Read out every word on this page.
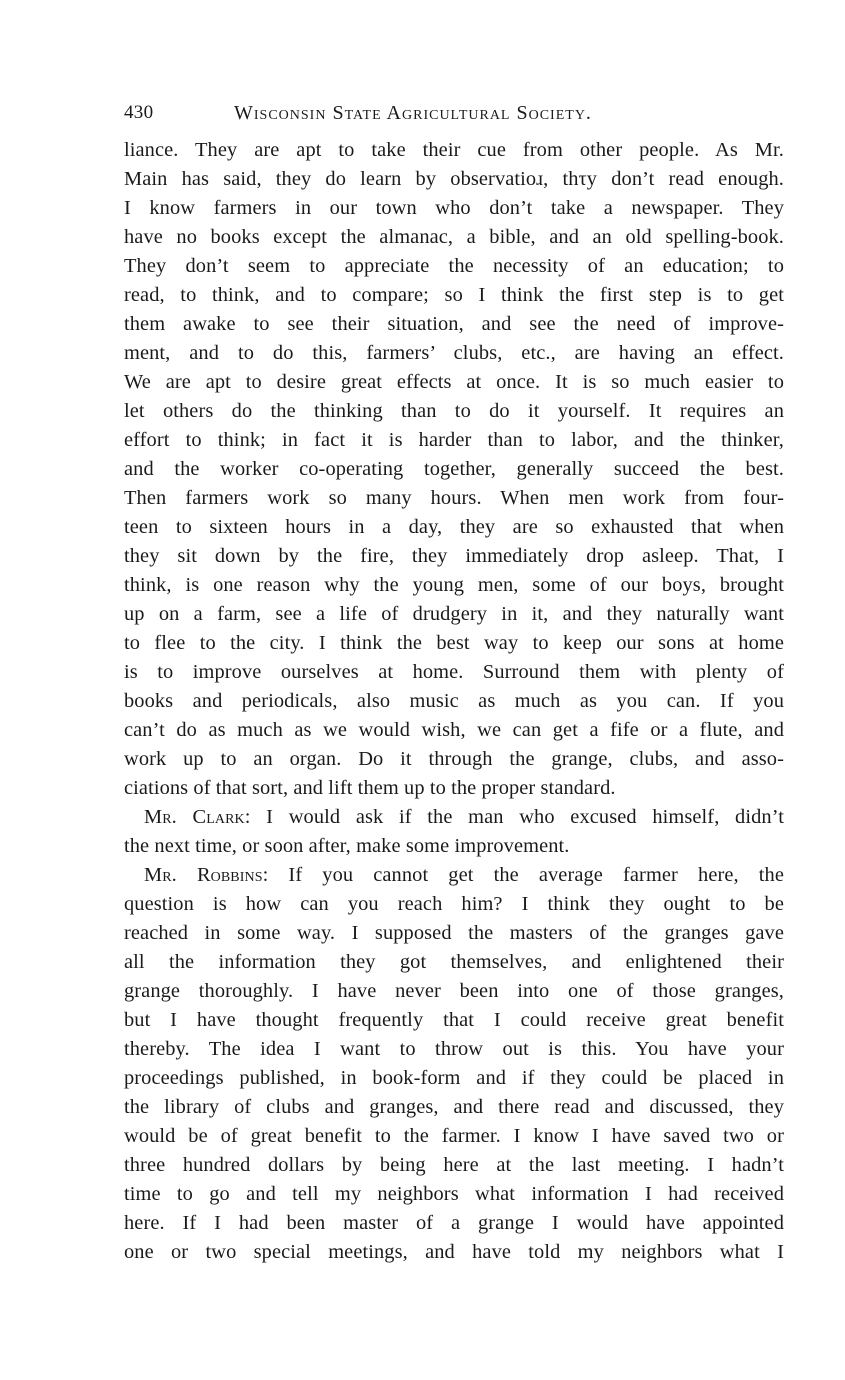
430	Wisconsin State Agricultural Society.
liance. They are apt to take their cue from other people. As Mr.
Main has said, they do learn by observatioɹ, thτy don’t read enough.
I know farmers in our town who don’t take a newspaper. They
have no books except the almanac, a bible, and an old spelling-book.
They don’t seem to appreciate the necessity of an education; to
read, to think, and to compare; so I think the first step is to get
them awake to see their situation, and see the need of improve-
ment, and to do this, farmers’ clubs, etc., are having an effect.
We are apt to desire great effects at once. It is so much easier to
let others do the thinking than to do it yourself. It requires an
effort to think; in fact it is harder than to labor, and the thinker,
and the worker co-operating together, generally succeed the best.
Then farmers work so many hours. When men work from four-
teen to sixteen hours in a day, they are so exhausted that when
they sit down by the fire, they immediately drop asleep. That, I
think, is one reason why the young men, some of our boys, brought
up on a farm, see a life of drudgery in it, and they naturally want
to flee to the city. I think the best way to keep our sons at home
is to improve ourselves at home. Surround them with plenty of
books and periodicals, also music as much as you can. If you
can’t do as much as we would wish, we can get a fife or a flute, and
work up to an organ. Do it through the grange, clubs, and asso-
ciations of that sort, and lift them up to the proper standard.
Mr. Clark: I would ask if the man who excused himself, didn’t
the next time, or soon after, make some improvement.
Mr. Robbins: If you cannot get the average farmer here, the
question is how can you reach him? I think they ought to be
reached in some way. I supposed the masters of the granges gave
all the information they got themselves, and enlightened their
grange thoroughly. I have never been into one of those granges,
but I have thought frequently that I could receive great benefit
thereby. The idea I want to throw out is this. You have your
proceedings published, in book-form and if they could be placed in
the library of clubs and granges, and there read and discussed, they
would be of great benefit to the farmer. I know I have saved two or
three hundred dollars by being here at the last meeting. I hadn’t
time to go and tell my neighbors what information I had received
here. If I had been master of a grange I would have appointed
one or two special meetings, and have told my neighbors what I
